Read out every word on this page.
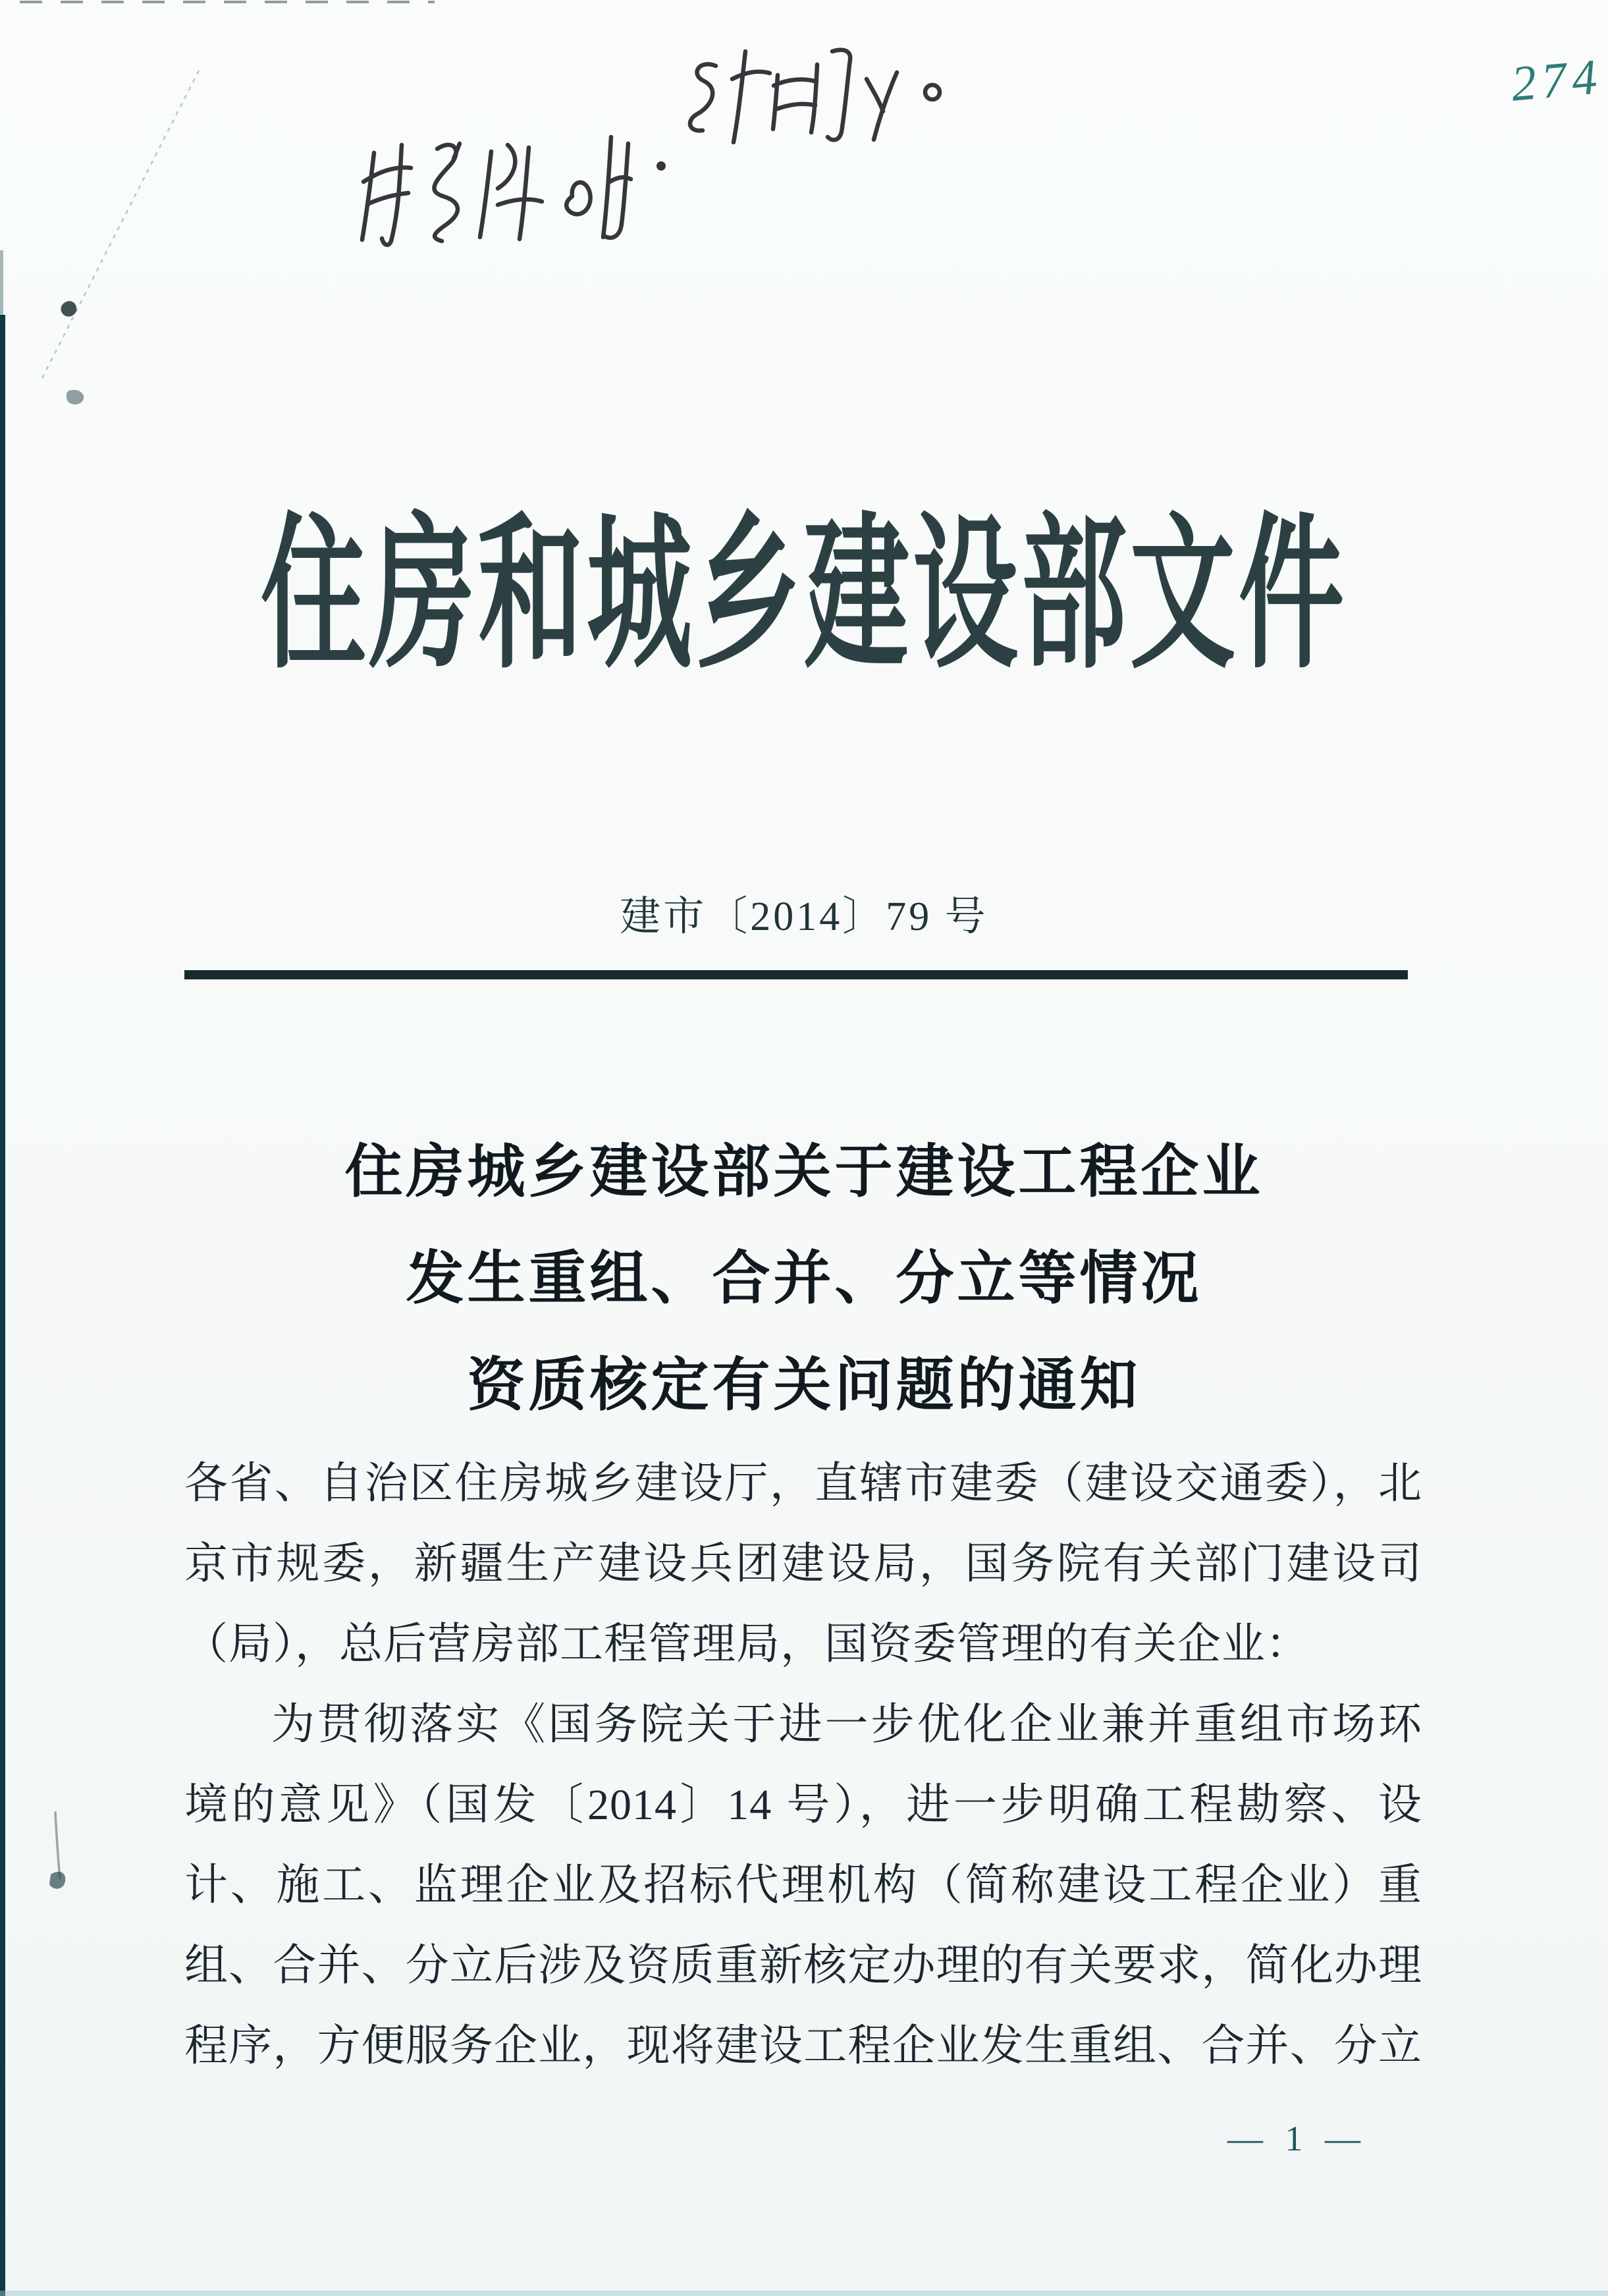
274
住房和城乡建设部文件
建市〔2014〕79 号
住房城乡建设部关于建设工程企业
发生重组、合并、分立等情况
资质核定有关问题的通知
各省、自治区住房城乡建设厅，直辖市建委（建设交通委），北
京市规委，新疆生产建设兵团建设局，国务院有关部门建设司
（局），总后营房部工程管理局，国资委管理的有关企业：
为贯彻落实《国务院关于进一步优化企业兼并重组市场环
境的意见》（国发〔2014〕14 号），进一步明确工程勘察、设
计、施工、监理企业及招标代理机构（简称建设工程企业）重
组、合并、分立后涉及资质重新核定办理的有关要求，简化办理
程序，方便服务企业，现将建设工程企业发生重组、合并、分立
— 1 —
